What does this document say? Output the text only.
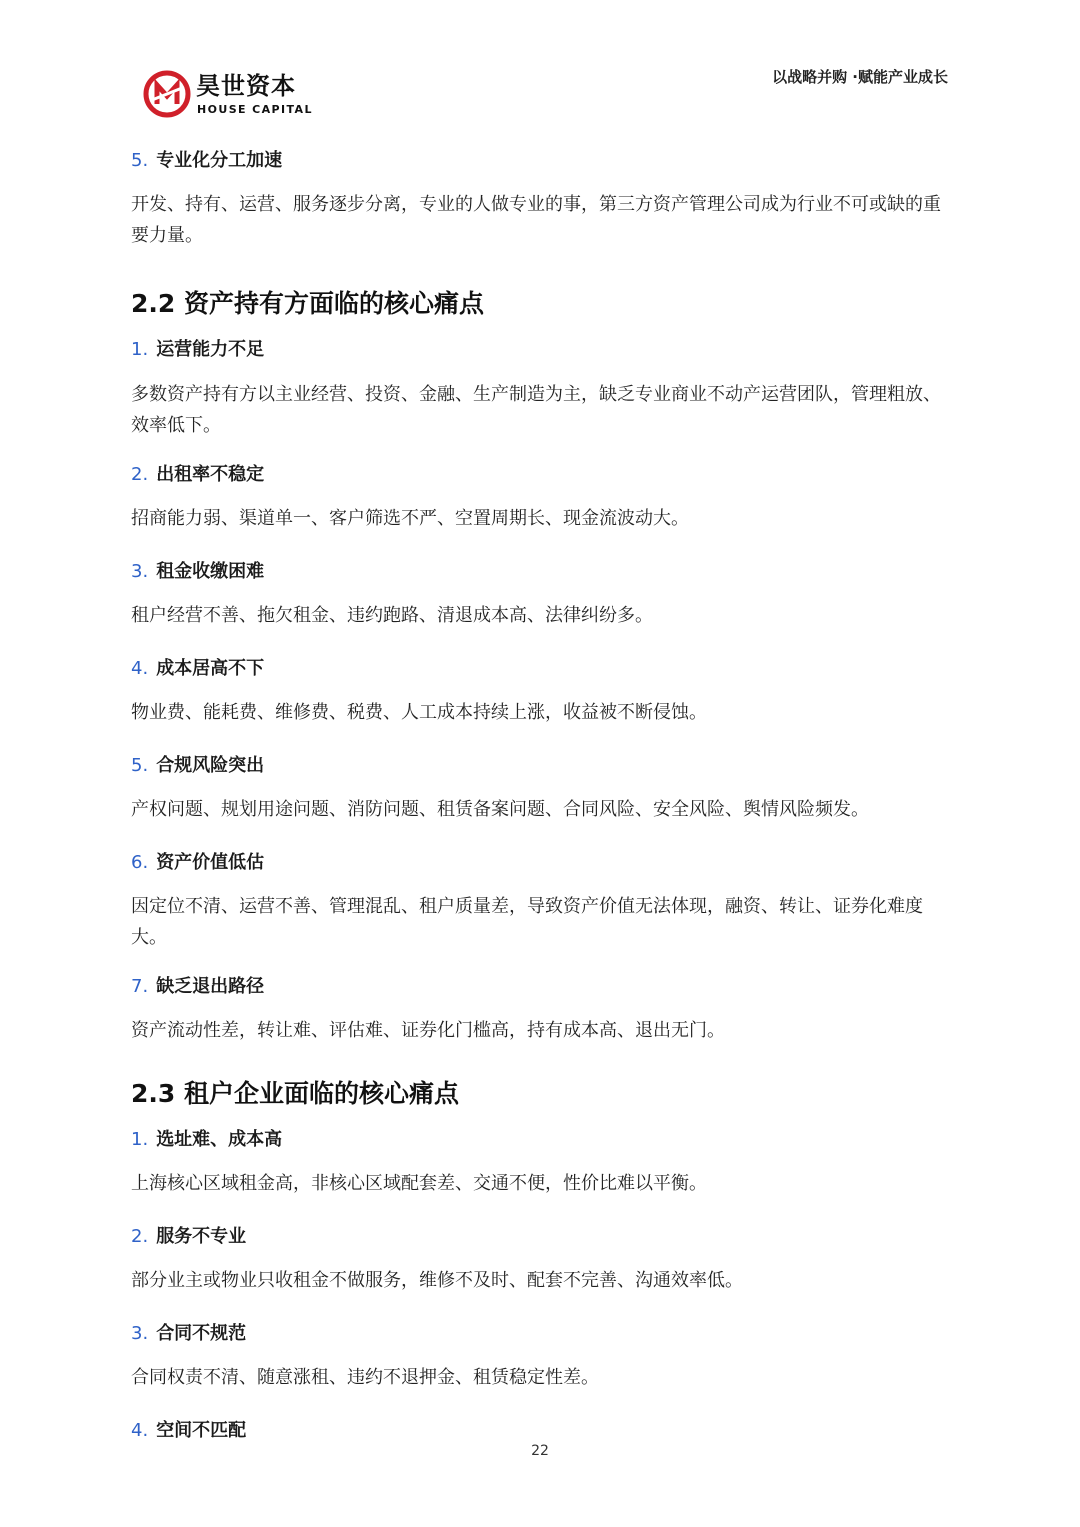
昊世资本
HOUSE CAPITAL
以战略并购 ·赋能产业成长

5. 专业化分工加速

开发、持有、运营、服务逐步分离，专业的人做专业的事，第三方资产管理公司成为行业不可或缺的重要力量。

2.2 资产持有方面临的核心痛点

1. 运营能力不足

多数资产持有方以主业经营、投资、金融、生产制造为主，缺乏专业商业不动产运营团队，管理粗放、效率低下。

2. 出租率不稳定

招商能力弱、渠道单一、客户筛选不严、空置周期长、现金流波动大。

3. 租金收缴困难

租户经营不善、拖欠租金、违约跑路、清退成本高、法律纠纷多。

4. 成本居高不下

物业费、能耗费、维修费、税费、人工成本持续上涨，收益被不断侵蚀。

5. 合规风险突出

产权问题、规划用途问题、消防问题、租赁备案问题、合同风险、安全风险、舆情风险频发。

6. 资产价值低估

因定位不清、运营不善、管理混乱、租户质量差，导致资产价值无法体现，融资、转让、证券化难度大。

7. 缺乏退出路径

资产流动性差，转让难、评估难、证券化门槛高，持有成本高、退出无门。

2.3 租户企业面临的核心痛点

1. 选址难、成本高

上海核心区域租金高，非核心区域配套差、交通不便，性价比难以平衡。

2. 服务不专业

部分业主或物业只收租金不做服务，维修不及时、配套不完善、沟通效率低。

3. 合同不规范

合同权责不清、随意涨租、违约不退押金、租赁稳定性差。

4. 空间不匹配

22
